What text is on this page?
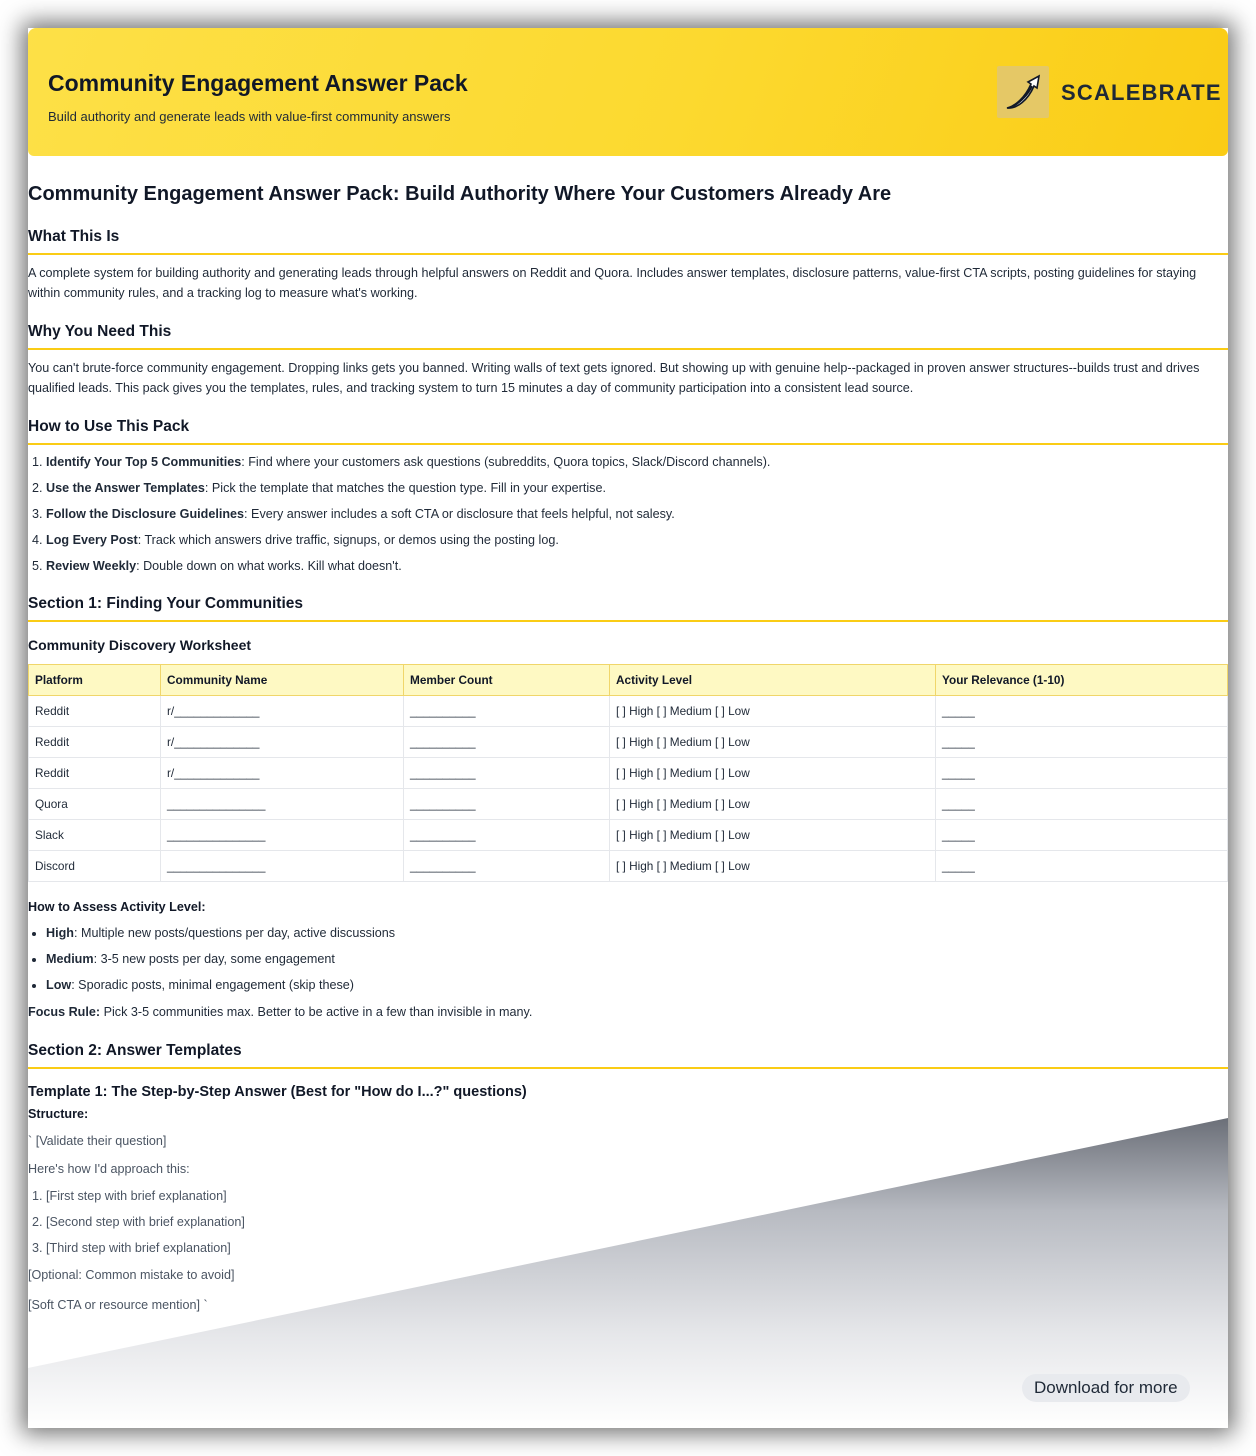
Community Engagement Answer Pack
Build authority and generate leads with value-first community answers
SCALEBRATE
Community Engagement Answer Pack: Build Authority Where Your Customers Already Are
What This Is

A complete system for building authority and generating leads through helpful answers on Reddit and Quora. Includes answer templates, disclosure patterns, value-first CTA scripts, posting guidelines for staying within community rules, and a tracking log to measure what's working.

Why You Need This

You can't brute-force community engagement. Dropping links gets you banned. Writing walls of text gets ignored. But showing up with genuine help--packaged in proven answer structures--builds trust and drives qualified leads. This pack gives you the templates, rules, and tracking system to turn 15 minutes a day of community participation into a consistent lead source.

How to Use This Pack
1. Identify Your Top 5 Communities: Find where your customers ask questions (subreddits, Quora topics, Slack/Discord channels).
2. Use the Answer Templates: Pick the template that matches the question type. Fill in your expertise.
3. Follow the Disclosure Guidelines: Every answer includes a soft CTA or disclosure that feels helpful, not salesy.
4. Log Every Post: Track which answers drive traffic, signups, or demos using the posting log.
5. Review Weekly: Double down on what works. Kill what doesn't.
Section 1: Finding Your Communities
Community Discovery Worksheet
Platform	Community Name	Member Count	Activity Level	Your Relevance (1-10)
Reddit	r/_____________	__________	[ ] High [ ] Medium [ ] Low	_____
Reddit	r/_____________	__________	[ ] High [ ] Medium [ ] Low	_____
Reddit	r/_____________	__________	[ ] High [ ] Medium [ ] Low	_____
Quora	_______________	__________	[ ] High [ ] Medium [ ] Low	_____
Slack	_______________	__________	[ ] High [ ] Medium [ ] Low	_____
Discord	_______________	__________	[ ] High [ ] Medium [ ] Low	_____
How to Assess Activity Level:
• High: Multiple new posts/questions per day, active discussions
• Medium: 3-5 new posts per day, some engagement
• Low: Sporadic posts, minimal engagement (skip these)

Focus Rule: Pick 3-5 communities max. Better to be active in a few than invisible in many.

Section 2: Answer Templates
Template 1: The Step-by-Step Answer (Best for "How do I...?" questions)
Structure:

` [Validate their question]

Here's how I'd approach this:

1. [First step with brief explanation]
2. [Second step with brief explanation]
3. [Third step with brief explanation]

[Optional: Common mistake to avoid]

[Soft CTA or resource mention] `

Download for more
